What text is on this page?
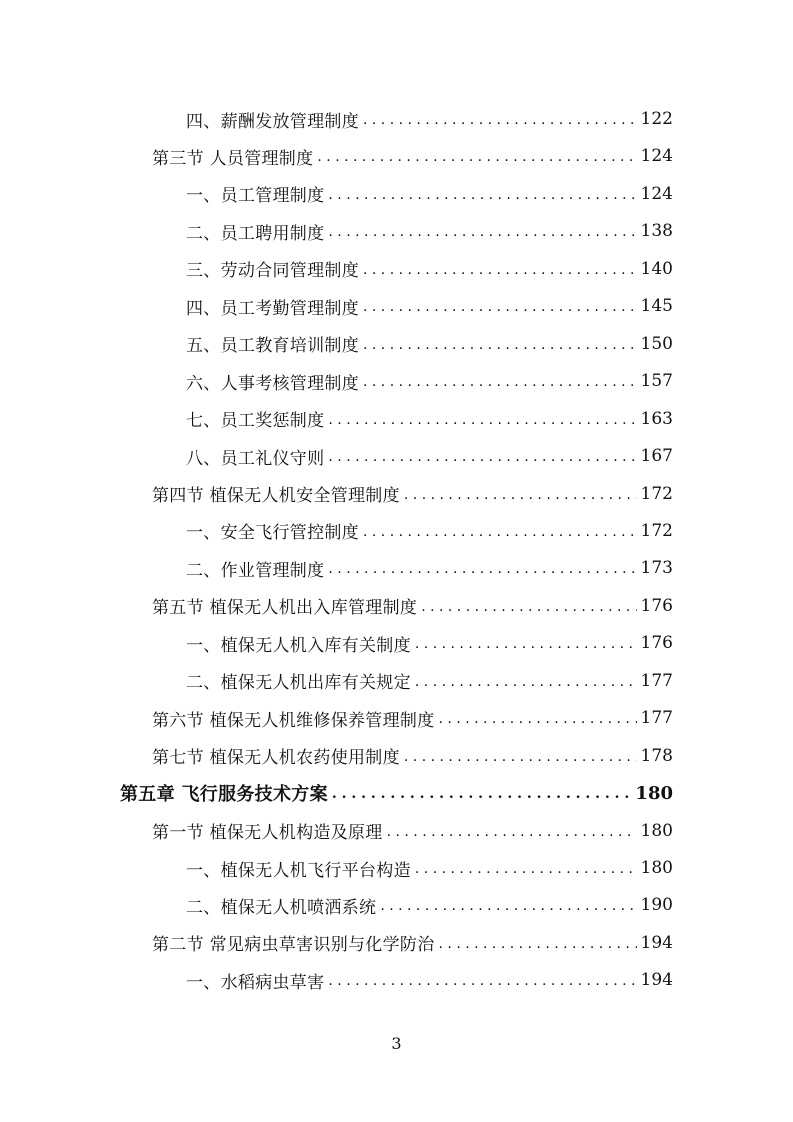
四、薪酬发放管理制度 . . .	122
第三节 人员管理制度 . . .	124
一、员工管理制度 . . .	124
二、员工聘用制度 . . .	138
三、劳动合同管理制度 . . .	140
四、员工考勤管理制度 . . .	145
五、员工教育培训制度 . . .	150
六、人事考核管理制度 . . .	157
七、员工奖惩制度 . . .	163
八、员工礼仪守则 . . .	167
第四节 植保无人机安全管理制度 . . .	172
一、安全飞行管控制度 . . .	172
二、作业管理制度 . . .	173
第五节 植保无人机出入库管理制度 . . .	176
一、植保无人机入库有关制度 . . .	176
二、植保无人机出库有关规定 . . .	177
第六节 植保无人机维修保养管理制度 . . .	177
第七节 植保无人机农药使用制度 . . .	178
第五章 飞行服务技术方案 . . .	180
第一节 植保无人机构造及原理 . . .	180
一、植保无人机飞行平台构造 . . .	180
二、植保无人机喷洒系统 . . .	190
第二节 常见病虫草害识别与化学防治 . . .	194
一、水稻病虫草害 . . .	194
3
